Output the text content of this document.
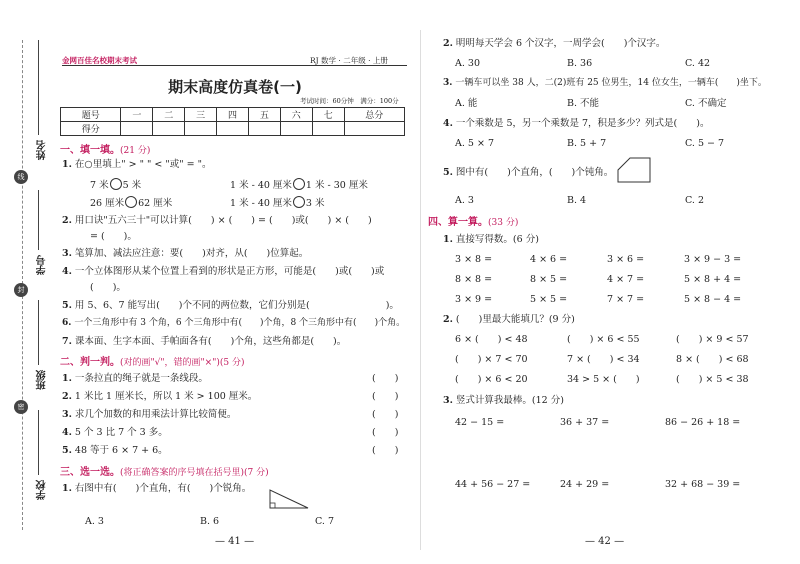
姓名
学号
班级
学校
线
封
密
金网百佳名校期末考试	RJ 数学 · 二年级 · 上册
期末高度仿真卷(一)
考试时间：60分钟　满分：100分
题号	一	二	三	四	五	六	七	总分
得分								
一、填一填。(21 分)
1. 在○里填上" > " " < "或" = "。
7 米 5 米	1 米 - 40 厘米 1 米 - 30 厘米
26 厘米 62 厘米	1 米 - 40 厘米 3 米
2. 用口诀"五六三十"可以计算(　　) × (　　) = (　　)或(　　) × (　　)
= (　　)。
3. 笔算加、减法应注意：要(　　)对齐，从(　　)位算起。
4. 一个立体图形从某个位置上看到的形状是正方形，可能是(　　)或(　　)或
(　　)。
5. 用 5、6、7 能写出(　　)个不同的两位数，它们分别是(　　　　　　　　)。
6. 一个三角形中有 3 个角，6 个三角形中有(　　)个角，8 个三角形中有(　　)个角。
7. 课本面、生字本面、手帕面各有(　　)个角，这些角都是(　　)。
二、判一判。(对的画"√"，错的画"×")(5 分)
1. 一条拉直的绳子就是一条线段。	(　　)
2. 1 米比 1 厘米长，所以 1 米 > 100 厘米。	(　　)
3. 求几个加数的和用乘法计算比较简便。	(　　)
4. 5 个 3 比 7 个 3 多。	(　　)
5. 48 等于 6 × 7 + 6。	(　　)
三、选一选。(将正确答案的序号填在括号里)(7 分)
1. 右图中有(　　)个直角，有(　　)个锐角。
A. 3	B. 6	C. 7
— 41 —
2. 明明每天学会 6 个汉字，一周学会(　　)个汉字。
A. 30	B. 36	C. 42
3. 一辆车可以坐 38 人，二(2)班有 25 位男生，14 位女生，一辆车(　　)坐下。
A. 能	B. 不能	C. 不确定
4. 一个乘数是 5，另一个乘数是 7，积是多少？列式是(　　)。
A. 5 × 7	B. 5 + 7	C. 5 − 7
5. 图中有(　　)个直角，(　　)个钝角。
A. 3	B. 4	C. 2
四、算一算。(33 分)
1. 直接写得数。(6 分)
3 × 8 =	4 × 6 =	3 × 6 =	3 × 9 − 3 =
8 × 8 =	8 × 5 =	4 × 7 =	5 × 8 + 4 =
3 × 9 =	5 × 5 =	7 × 7 =	5 × 8 − 4 =
2. (　　)里最大能填几？(9 分)
6 × (　　) < 48	(　　) × 6 < 55	(　　) × 9 < 57
(　　) × 7 < 70	7 × (　　) < 34	8 × (　　) < 68
(　　) × 6 < 20	34 > 5 × (　　)	(　　) × 5 < 38
3. 竖式计算我最棒。(12 分)
42 − 15 =	36 + 37 =	86 − 26 + 18 =
44 + 56 − 27 =	24 + 29 =	32 + 68 − 39 =
— 42 —
